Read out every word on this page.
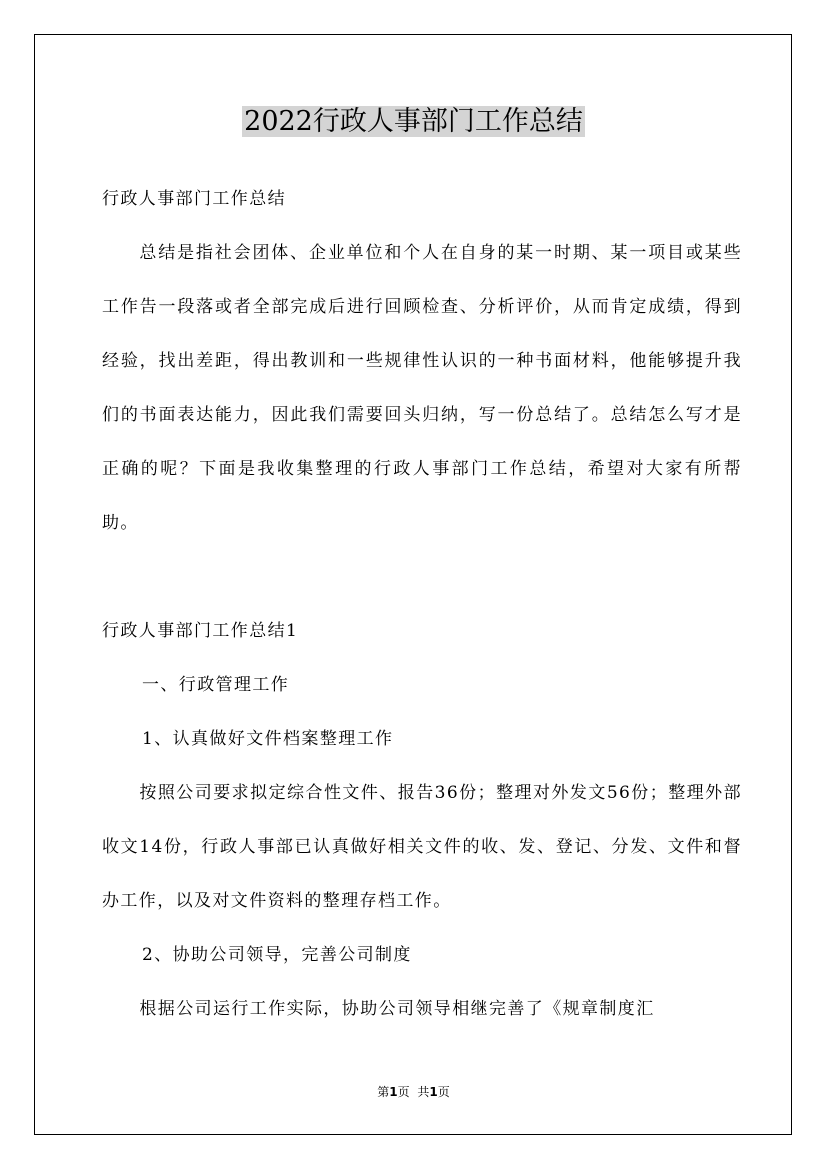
2022行政人事部门工作总结
行政人事部门工作总结
总结是指社会团体、企业单位和个人在自身的某一时期、某一项目或某些工作告一段落或者全部完成后进行回顾检查、分析评价，从而肯定成绩，得到经验，找出差距，得出教训和一些规律性认识的一种书面材料，他能够提升我们的书面表达能力，因此我们需要回头归纳，写一份总结了。总结怎么写才是正确的呢？下面是我收集整理的行政人事部门工作总结，希望对大家有所帮助。
行政人事部门工作总结1
一、行政管理工作
1、认真做好文件档案整理工作
按照公司要求拟定综合性文件、报告36份；整理对外发文56份；整理外部收文14份，行政人事部已认真做好相关文件的收、发、登记、分发、文件和督办工作，以及对文件资料的整理存档工作。
2、协助公司领导，完善公司制度
根据公司运行工作实际，协助公司领导相继完善了《规章制度汇
第1页 共1页
